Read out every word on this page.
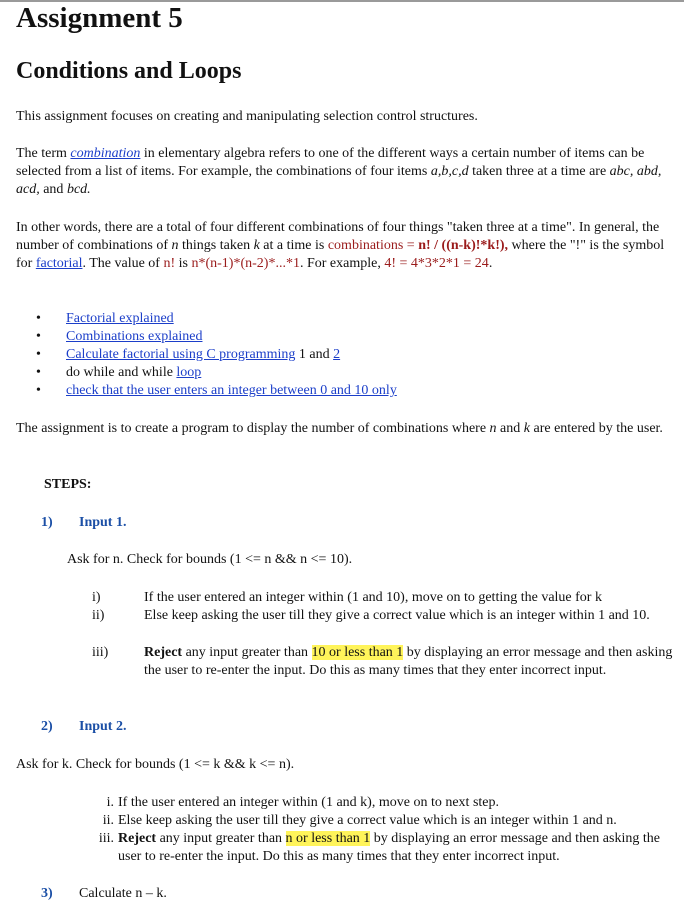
Assignment 5
Conditions and Loops

This assignment focuses on creating and manipulating selection control structures.

The term combination in elementary algebra refers to one of the different ways a certain number of items can be selected from a list of items. For example, the combinations of four items a,b,c,d taken three at a time are abc, abd, acd, and bcd.

In other words, there are a total of four different combinations of four things "taken three at a time". In general, the number of combinations of n things taken k at a time is combinations = n! / ((n-k)!*k!), where the "!" is the symbol for factorial. The value of n! is n*(n-1)*(n-2)*...*1. For example, 4! = 4*3*2*1 = 24.

• Factorial explained
• Combinations explained
• Calculate factorial using C programming 1 and 2
• do while and while loop
• check that the user enters an integer between 0 and 10 only

The assignment is to create a program to display the number of combinations where n and k are entered by the user.

STEPS:

1) Input 1.

Ask for n. Check for bounds (1 <= n && n <= 10).

i)	If the user entered an integer within (1 and 10), move on to getting the value for k
ii)	Else keep asking the user till they give a correct value which is an integer within 1 and 10.
iii)	Reject any input greater than 10 or less than 1 by displaying an error message and then asking the user to re-enter the input. Do this as many times that they enter incorrect input.
2) Input 2.

Ask for k. Check for bounds (1 <= k && k <= n).

i. If the user entered an integer within (1 and k), move on to next step.
ii. Else keep asking the user till they give a correct value which is an integer within 1 and n.
iii. Reject any input greater than n or less than 1 by displaying an error message and then asking the user to re-enter the input. Do this as many times that they enter incorrect input.
3) Calculate n – k.
